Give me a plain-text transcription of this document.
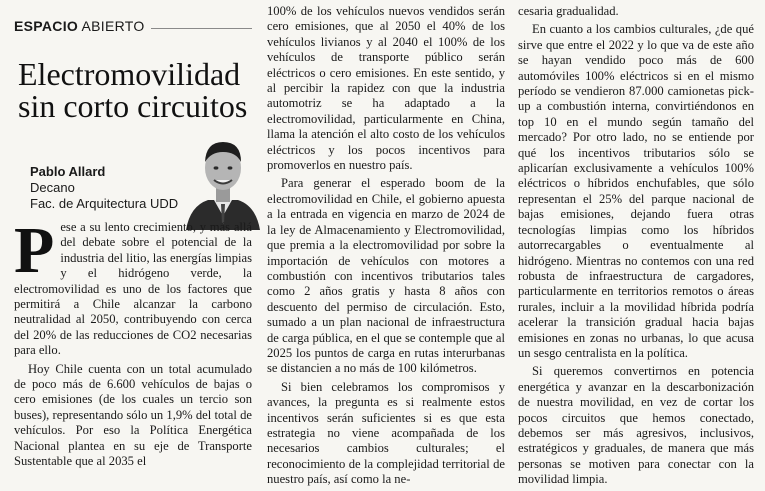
ESPACIO ABIERTO
Electromovilidad
sin corto circuitos
Pablo Allard
Decano
Fac. de Arquitectura UDD

Pese a su lento crecimiento, y más allá del debate sobre el potencial de la industria del litio, las energías limpias y el hidrógeno verde, la electromovilidad es uno de los factores que permitirá a Chile alcanzar la carbono neutralidad al 2050, contribuyendo con cerca del 20% de las reducciones de CO2 necesarias para ello.

Hoy Chile cuenta con un total acumulado de poco más de 6.600 vehículos de bajas o cero emisiones (de los cuales un tercio son buses), representando sólo un 1,9% del total de vehículos. Por eso la Política Energética Nacional plantea en su eje de Transporte Sustentable que al 2035 el

100% de los vehículos nuevos vendidos serán cero emisiones, que al 2050 el 40% de los vehículos livianos y al 2040 el 100% de los vehículos de transporte público serán eléctricos o cero emisiones. En este sentido, y al percibir la rapidez con que la industria automotriz se ha adaptado a la electromovilidad, particularmente en China, llama la atención el alto costo de los vehículos eléctricos y los pocos incentivos para promoverlos en nuestro país.

Para generar el esperado boom de la electromovilidad en Chile, el gobierno apuesta a la entrada en vigencia en marzo de 2024 de la ley de Almacenamiento y Electromovilidad, que premia a la electromovilidad por sobre la importación de vehículos con motores a combustión con incentivos tributarios tales como 2 años gratis y hasta 8 años con descuento del permiso de circulación. Esto, sumado a un plan nacional de infraestructura de carga pública, en el que se contemple que al 2025 los puntos de carga en rutas interurbanas se distancien a no más de 100 kilómetros.

Si bien celebramos los compromisos y avances, la pregunta es si realmente estos incentivos serán suficientes si es que esta estrategia no viene acompañada de los necesarios cambios culturales; el reconocimiento de la complejidad territorial de nuestro país, así como la ne-

cesaria gradualidad.

En cuanto a los cambios culturales, ¿de qué sirve que entre el 2022 y lo que va de este año se hayan vendido poco más de 600 automóviles 100% eléctricos si en el mismo período se vendieron 87.000 camionetas pick-up a combustión interna, convirtiéndonos en top 10 en el mundo según tamaño del mercado? Por otro lado, no se entiende por qué los incentivos tributarios sólo se aplicarían exclusivamente a vehículos 100% eléctricos o híbridos enchufables, que sólo representan el 25% del parque nacional de bajas emisiones, dejando fuera otras tecnologías limpias como los híbridos autorrecargables o eventualmente al hidrógeno. Mientras no contemos con una red robusta de infraestructura de cargadores, particularmente en territorios remotos o áreas rurales, incluir a la movilidad híbrida podría acelerar la transición gradual hacia bajas emisiones en zonas no urbanas, lo que acusa un sesgo centralista en la política.

Si queremos convertirnos en potencia energética y avanzar en la descarbonización de nuestra movilidad, en vez de cortar los pocos circuitos que hemos conectado, debemos ser más agresivos, inclusivos, estratégicos y graduales, de manera que más personas se motiven para conectar con la movilidad limpia.
